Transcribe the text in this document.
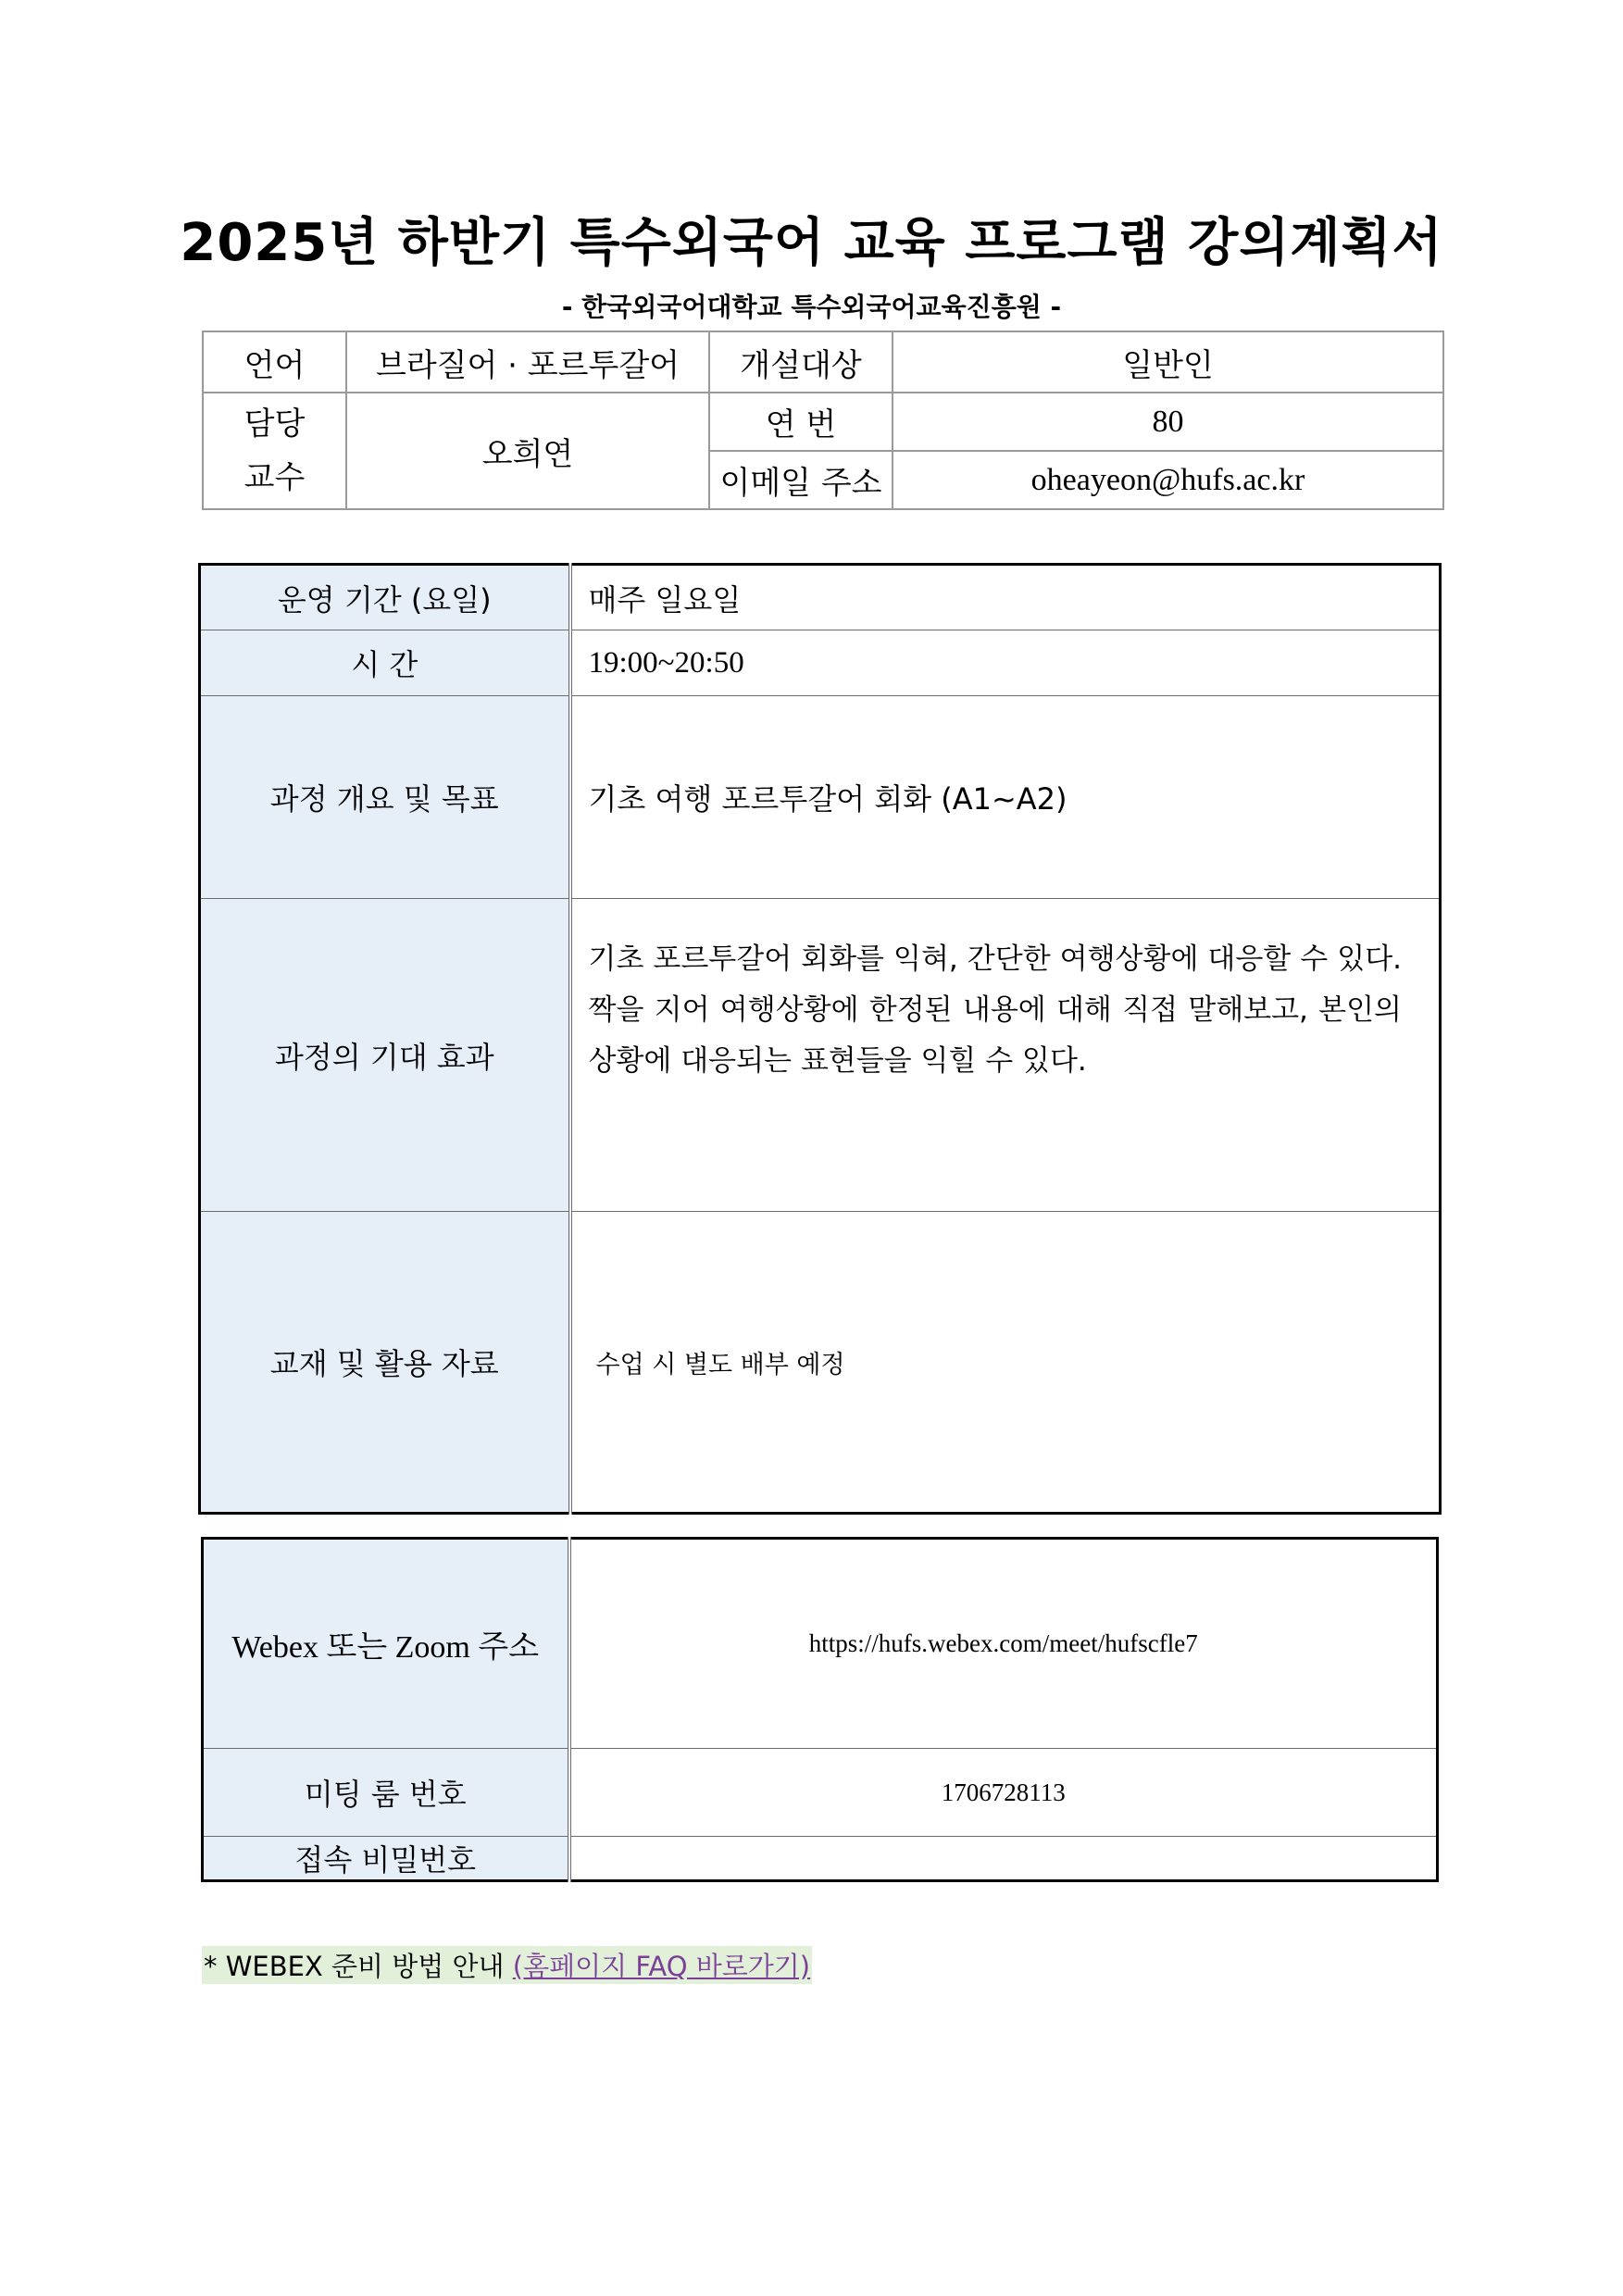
2025년 하반기 특수외국어 교육 프로그램 강의계획서
- 한국외국어대학교 특수외국어교육진흥원 -
언어	브라질어 · 포르투갈어	개설대상	일반인

담당
교수	오희연	연 번	80
		이메일 주소	oheayeon@hufs.ac.kr
운영 기간 (요일)	매주 일요일
시 간	19:00~20:50
과정 개요 및 목표	기초 여행 포르투갈어 회화 (A1~A2)
과정의 기대 효과	기초 포르투갈어 회화를 익혀, 간단한 여행상황에 대응할 수 있다. 짝을 지어 여행상황에 한정된 내용에 대해 직접 말해보고, 본인의 상황에 대응되는 표현들을 익힐 수 있다.
교재 및 활용 자료	수업 시 별도 배부 예정
Webex 또는 Zoom 주소	https://hufs.webex.com/meet/hufscfle7
미팅 룸 번호	1706728113
접속 비밀번호	
* WEBEX 준비 방법 안내 (홈페이지 FAQ 바로가기)
